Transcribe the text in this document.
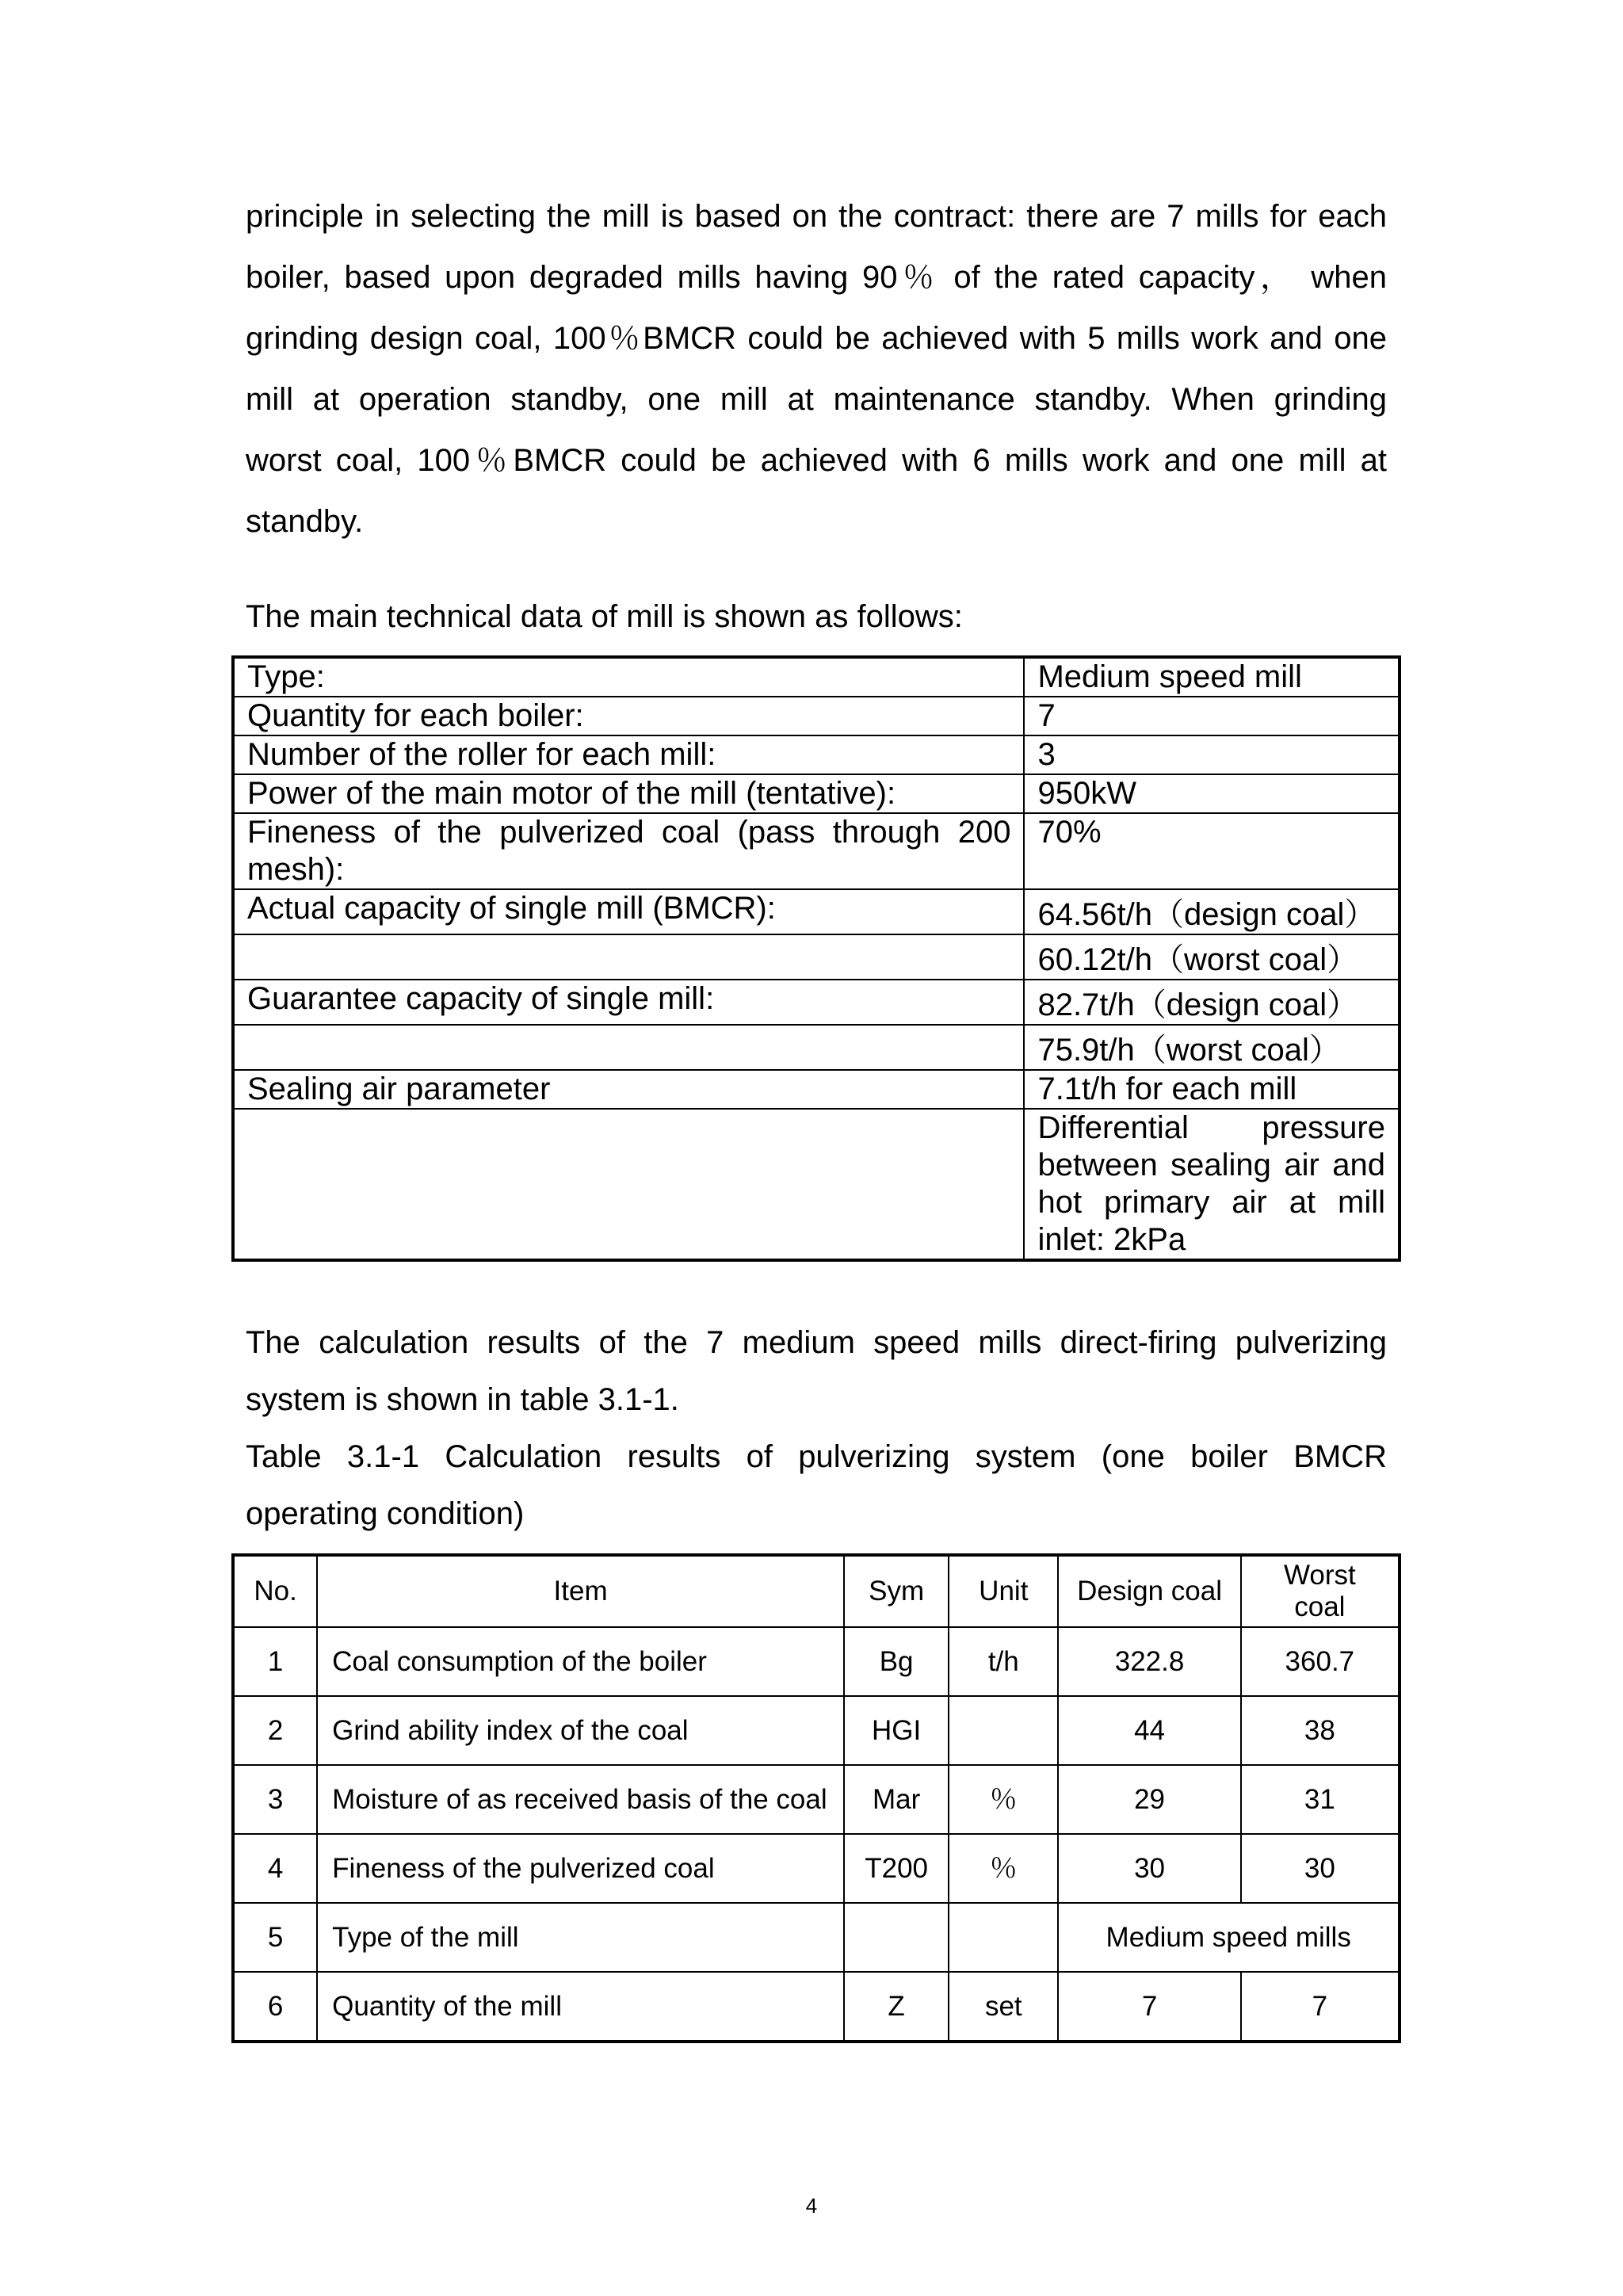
principle in selecting the mill is based on the contract: there are 7 mills for each
boiler, based upon degraded mills having 90％ of the rated capacity， when
grinding design coal, 100％BMCR could be achieved with 5 mills work and one
mill at operation standby, one mill at maintenance standby. When grinding
worst coal, 100％BMCR could be achieved with 6 mills work and one mill at
standby.
The main technical data of mill is shown as follows:
Type:	Medium speed mill
Quantity for each boiler:	7
Number of the roller for each mill:	3
Power of the main motor of the mill (tentative):	950kW
Fineness of the pulverized coal (pass through 200 mesh):	70%
Actual capacity of single mill (BMCR):	64.56t/h（design coal）
	60.12t/h（worst coal）
Guarantee capacity of single mill:	82.7t/h（design coal）
	75.9t/h（worst coal）
Sealing air parameter	7.1t/h for each mill
	Differential pressure between sealing air and hot primary air at mill inlet: 2kPa
The calculation results of the 7 medium speed mills direct-firing pulverizing
system is shown in table 3.1-1.
Table 3.1-1 Calculation results of pulverizing system (one boiler BMCR
operating condition)
No.	Item	Sym	Unit	Design coal	Worst coal
1	Coal consumption of the boiler	Bg	t/h	322.8	360.7
2	Grind ability index of the coal	HGI		44	38
3	Moisture of as received basis of the coal	Mar	％	29	31
4	Fineness of the pulverized coal	T200	％	30	30
5	Type of the mill			Medium speed mills	
6	Quantity of the mill	Z	set	7	7
4
